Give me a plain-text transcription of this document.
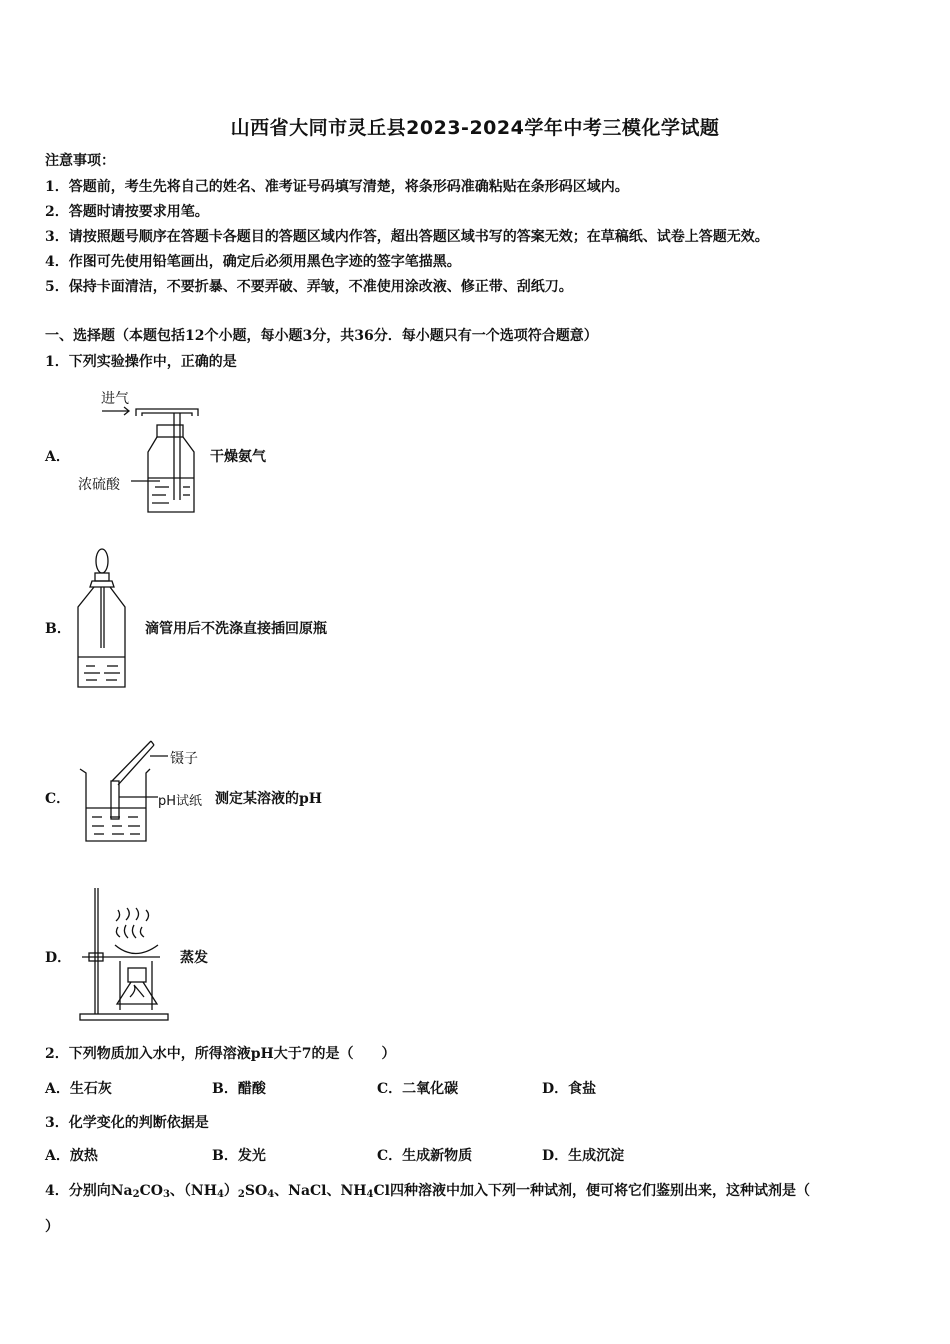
山西省大同市灵丘县2023-2024学年中考三模化学试题
注意事项：
1．答题前，考生先将自己的姓名、准考证号码填写清楚，将条形码准确粘贴在条形码区域内。
2．答题时请按要求用笔。
3．请按照题号顺序在答题卡各题目的答题区域内作答，超出答题区域书写的答案无效；在草稿纸、试卷上答题无效。
4．作图可先使用铅笔画出，确定后必须用黑色字迹的签字笔描黑。
5．保持卡面清洁，不要折暴、不要弄破、弄皱，不准使用涂改液、修正带、刮纸刀。
一、选择题（本题包括12个小题，每小题3分，共36分．每小题只有一个选项符合题意）
1．下列实验操作中，正确的是
A．
进气
浓硫酸
干燥氨气
B．	滴管用后不洗涤直接插回原瓶
C．
镊子
pH试纸 测定某溶液的pH
D．	蒸发
2．下列物质加入水中，所得溶液pH大于7的是（　　）
A．生石灰	B．醋酸	C．二氧化碳	D．食盐
3．化学变化的判断依据是
A．放热	B．发光	C．生成新物质	D．生成沉淀
4．分别向$Na_2CO_3$、$(NH_4)_2SO_4$、NaCl、$NH_4Cl$四种溶液中加入下列一种试剂，便可将它们鉴别出来，这种试剂是（
）
